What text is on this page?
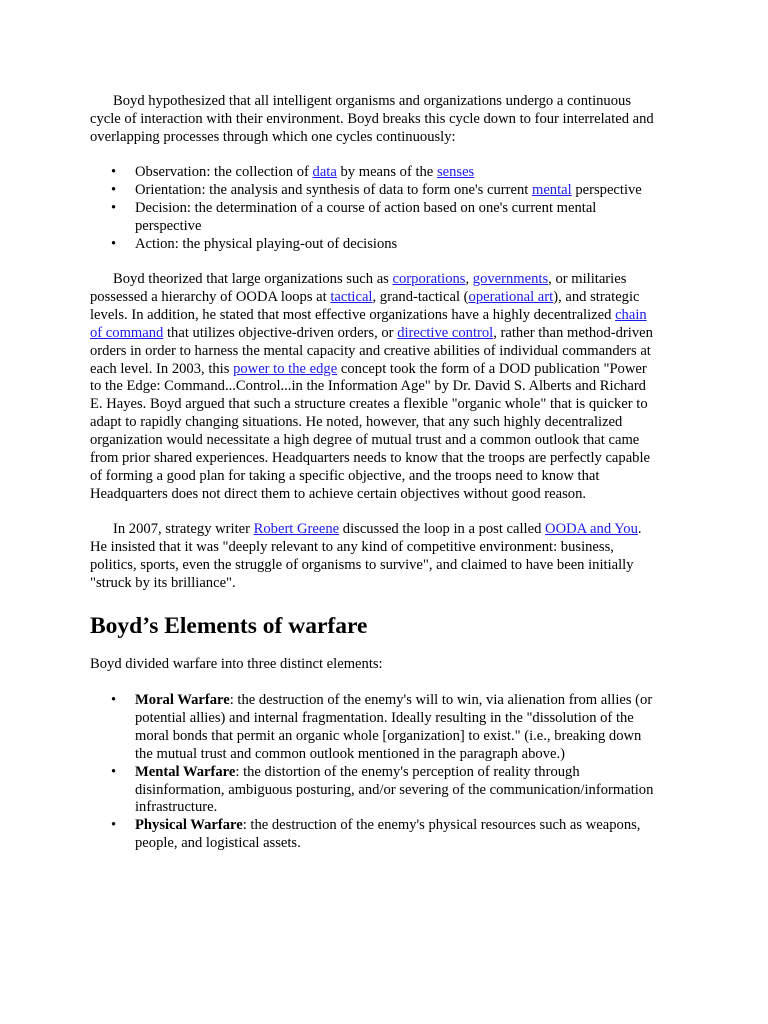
Boyd hypothesized that all intelligent organisms and organizations undergo a continuous
cycle of interaction with their environment. Boyd breaks this cycle down to four interrelated and
overlapping processes through which one cycles continuously:
• Observation: the collection of data by means of the senses
• Orientation: the analysis and synthesis of data to form one's current mental perspective
• Decision: the determination of a course of action based on one's current mental
perspective
• Action: the physical playing-out of decisions
Boyd theorized that large organizations such as corporations, governments, or militaries
possessed a hierarchy of OODA loops at tactical, grand-tactical (operational art), and strategic
levels. In addition, he stated that most effective organizations have a highly decentralized chain
of command that utilizes objective-driven orders, or directive control, rather than method-driven
orders in order to harness the mental capacity and creative abilities of individual commanders at
each level. In 2003, this power to the edge concept took the form of a DOD publication "Power
to the Edge: Command...Control...in the Information Age" by Dr. David S. Alberts and Richard
E. Hayes. Boyd argued that such a structure creates a flexible "organic whole" that is quicker to
adapt to rapidly changing situations. He noted, however, that any such highly decentralized
organization would necessitate a high degree of mutual trust and a common outlook that came
from prior shared experiences. Headquarters needs to know that the troops are perfectly capable
of forming a good plan for taking a specific objective, and the troops need to know that
Headquarters does not direct them to achieve certain objectives without good reason.
In 2007, strategy writer Robert Greene discussed the loop in a post called OODA and You.
He insisted that it was "deeply relevant to any kind of competitive environment: business,
politics, sports, even the struggle of organisms to survive", and claimed to have been initially
"struck by its brilliance".
Boyd’s Elements of warfare
Boyd divided warfare into three distinct elements:
• Moral Warfare: the destruction of the enemy's will to win, via alienation from allies (or
potential allies) and internal fragmentation. Ideally resulting in the "dissolution of the
moral bonds that permit an organic whole [organization] to exist." (i.e., breaking down
the mutual trust and common outlook mentioned in the paragraph above.)
• Mental Warfare: the distortion of the enemy's perception of reality through
disinformation, ambiguous posturing, and/or severing of the communication/information
infrastructure.
• Physical Warfare: the destruction of the enemy's physical resources such as weapons,
people, and logistical assets.
